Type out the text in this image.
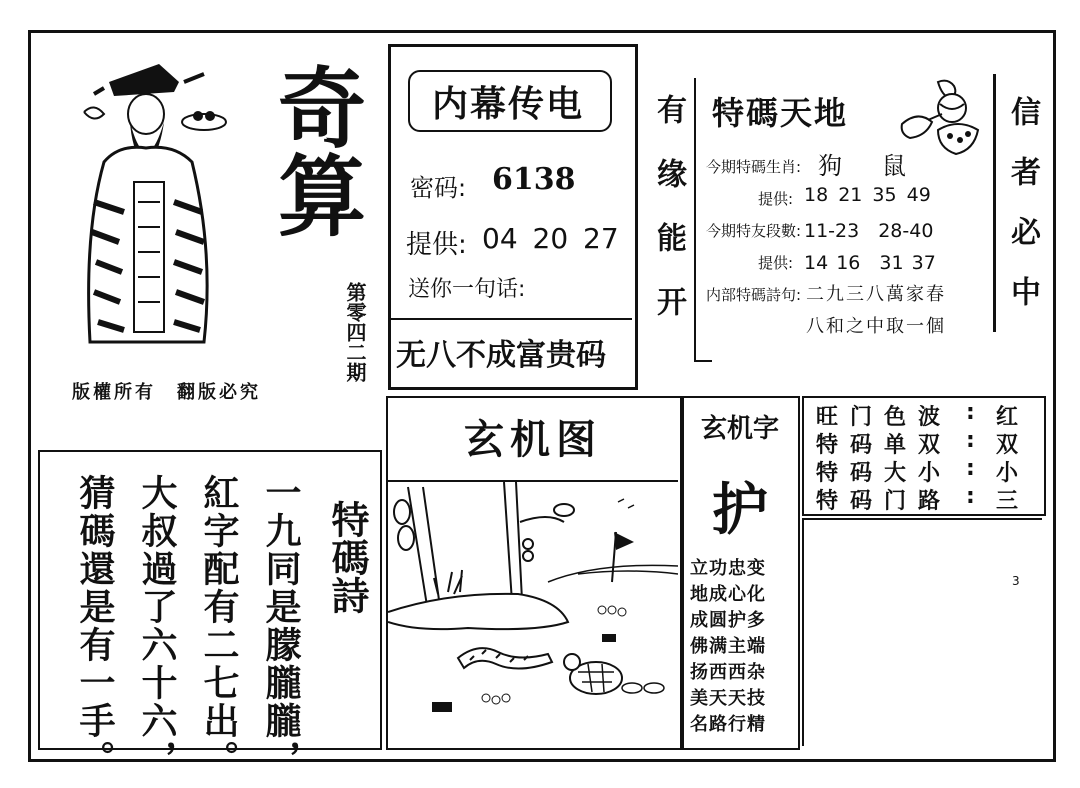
奇算
第零四二期
版權所有　翻版必究
特碼詩
一九同是朦朧朧，
紅字配有二七出。
大叔過了六十六，
猜碼還是有一手。
内幕传电
密码: 6138
提供: 04 20 27
送你一句话:
无八不成富贵码
有缘能开 特碼天地
今期特碼生肖: 狗　鼠
提供: 18 21 35 49
今期特友段數: 11-23　28-40
提供: 14 16　31 37
内部特碼詩句: 二九三八萬家春
八和之中取一個 信者必中
玄机图	玄机字
护
立功忠变
地成心化
成圆护多
佛满主端
扬西西杂
美天天技
名路行精
旺门色波 : 红
特码单双 : 双
特码大小 : 小
特码门路 : 三
3
